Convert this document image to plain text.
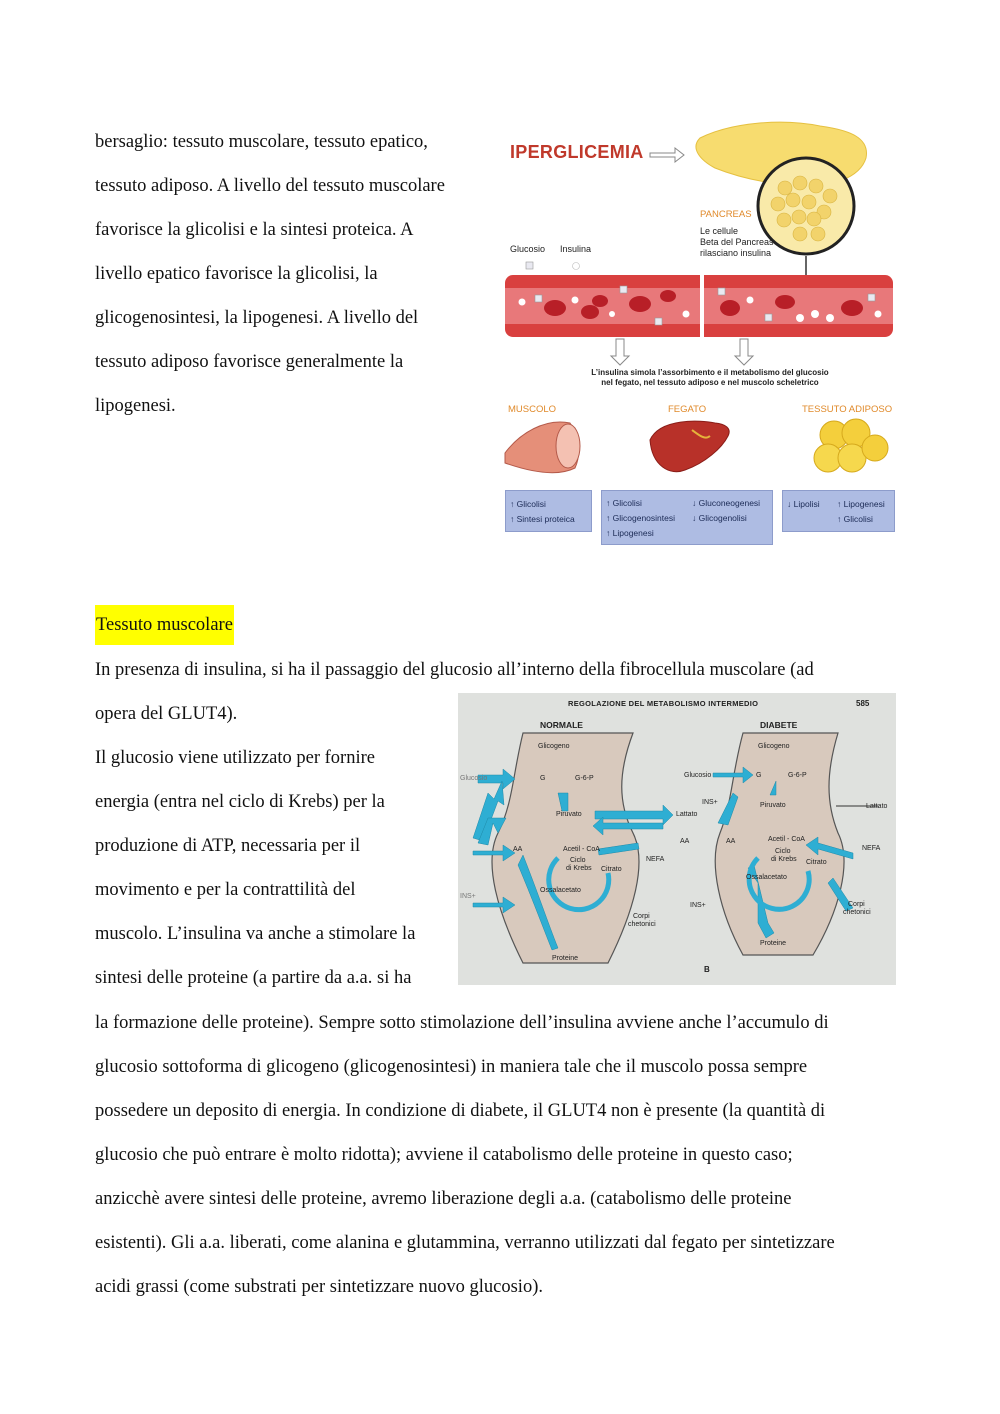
bersaglio: tessuto muscolare, tessuto epatico,
tessuto adiposo. A livello del tessuto muscolare
favorisce la glicolisi e la sintesi proteica. A
livello epatico favorisce la glicolisi, la
glicogenosintesi, la lipogenesi. A livello del
tessuto adiposo favorisce generalmente la
lipogenesi.
IPERGLICEMIA
PANCREAS
Le cellule
Beta del Pancreas
rilasciano insulina
Glucosio Insulina
L’insulina simola l’assorbimento e il metabolismo del glucosio
nel fegato, nel tessuto adiposo e nel muscolo scheletrico
MUSCOLO	FEGATO	TESSUTO ADIPOSO
↑ Glicolisi
↑ Sintesi proteica
↑ Glicolisi
↑ Glicogenosintesi
↑ Lipogenesi
↓ Gluconeogenesi
↓ Glicogenolisi
↓ Lipolisi ↑ Lipogenesi
↑ Glicolisi
Tessuto muscolare
In presenza di insulina, si ha il passaggio del glucosio all’interno della fibrocellula muscolare (ad
opera del GLUT4).
Il glucosio viene utilizzato per fornire
energia (entra nel ciclo di Krebs) per la
produzione di ATP, necessaria per il
movimento e per la contrattilità del
muscolo. L’insulina va anche a stimolare la
sintesi delle proteine (a partire da a.a. si ha
REGOLAZIONE DEL METABOLISMO INTERMEDIO	585
NORMALE	DIABETE
Glucosio
Glicogeno
G	G-6-P
Piruvato	Lattato
INS+
AA	Acetil - CoA
Ciclo
di Krebs Citrato
Ossalacetato
NEFA
Corpi
chetonici
Proteine
Glucosio
Glicogeno
G	G-6-P
Piruvato	Lattato
INS+
INS+
AA	AA	Acetil - CoA
Ciclo
di Krebs Citrato
Ossalacetato
NEFA
Corpi
chetonici
Proteine
B
la formazione delle proteine). Sempre sotto stimolazione dell’insulina avviene anche l’accumulo di
glucosio sottoforma di glicogeno (glicogenosintesi) in maniera tale che il muscolo possa sempre
possedere un deposito di energia. In condizione di diabete, il GLUT4 non è presente (la quantità di
glucosio che può entrare è molto ridotta); avviene il catabolismo delle proteine in questo caso;
anzicchè avere sintesi delle proteine, avremo liberazione degli a.a. (catabolismo delle proteine
esistenti). Gli a.a. liberati, come alanina e glutammina, verranno utilizzati dal fegato per sintetizzare
acidi grassi (come substrati per sintetizzare nuovo glucosio).
